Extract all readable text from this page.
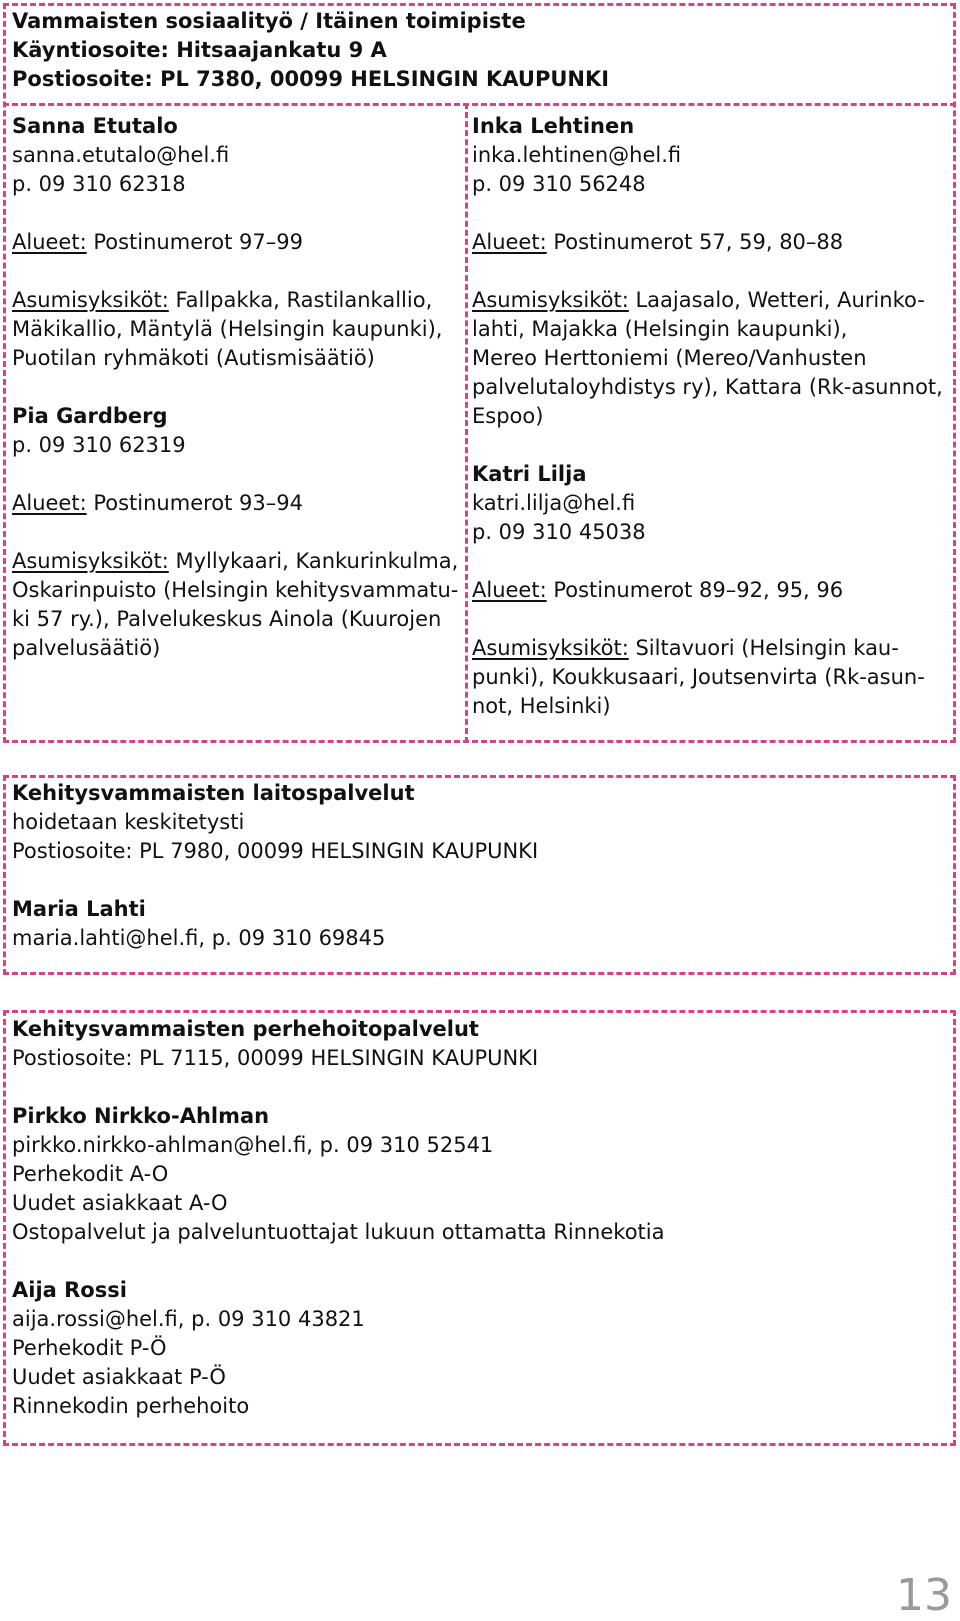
Vammaisten sosiaalityö / Itäinen toimipiste
Käyntiosoite: Hitsaajankatu 9 A
Postiosoite: PL 7380, 00099 HELSINGIN KAUPUNKI
Sanna Etutalo
sanna.etutalo@hel.fi
p. 09 310 62318
Alueet: Postinumerot 97–99
Asumisyksiköt: Fallpakka, Rastilankallio,
Mäkikallio, Mäntylä (Helsingin kaupunki),
Puotilan ryhmäkoti (Autismisäätiö)
Pia Gardberg
p. 09 310 62319
Alueet: Postinumerot 93–94
Asumisyksiköt: Myllykaari, Kankurinkulma,
Oskarinpuisto (Helsingin kehitysvammatu-
ki 57 ry.), Palvelukeskus Ainola (Kuurojen
palvelusäätiö)
Inka Lehtinen
inka.lehtinen@hel.fi
p. 09 310 56248
Alueet: Postinumerot 57, 59, 80–88
Asumisyksiköt: Laajasalo, Wetteri, Aurinko-
lahti, Majakka (Helsingin kaupunki),
Mereo Herttoniemi (Mereo/Vanhusten
palvelutaloyhdistys ry), Kattara (Rk-asunnot,
Espoo)
Katri Lilja
katri.lilja@hel.fi
p. 09 310 45038
Alueet: Postinumerot 89–92, 95, 96
Asumisyksiköt: Siltavuori (Helsingin kau-
punki), Koukkusaari, Joutsenvirta (Rk-asun-
not, Helsinki)
Kehitysvammaisten laitospalvelut
hoidetaan keskitetysti
Postiosoite: PL 7980, 00099 HELSINGIN KAUPUNKI
Maria Lahti
maria.lahti@hel.fi, p. 09 310 69845
Kehitysvammaisten perhehoitopalvelut
Postiosoite: PL 7115, 00099 HELSINGIN KAUPUNKI
Pirkko Nirkko-Ahlman
pirkko.nirkko-ahlman@hel.fi, p. 09 310 52541
Perhekodit A-O
Uudet asiakkaat A-O
Ostopalvelut ja palveluntuottajat lukuun ottamatta Rinnekotia
Aija Rossi
aija.rossi@hel.fi, p. 09 310 43821
Perhekodit P-Ö
Uudet asiakkaat P-Ö
Rinnekodin perhehoito
13
